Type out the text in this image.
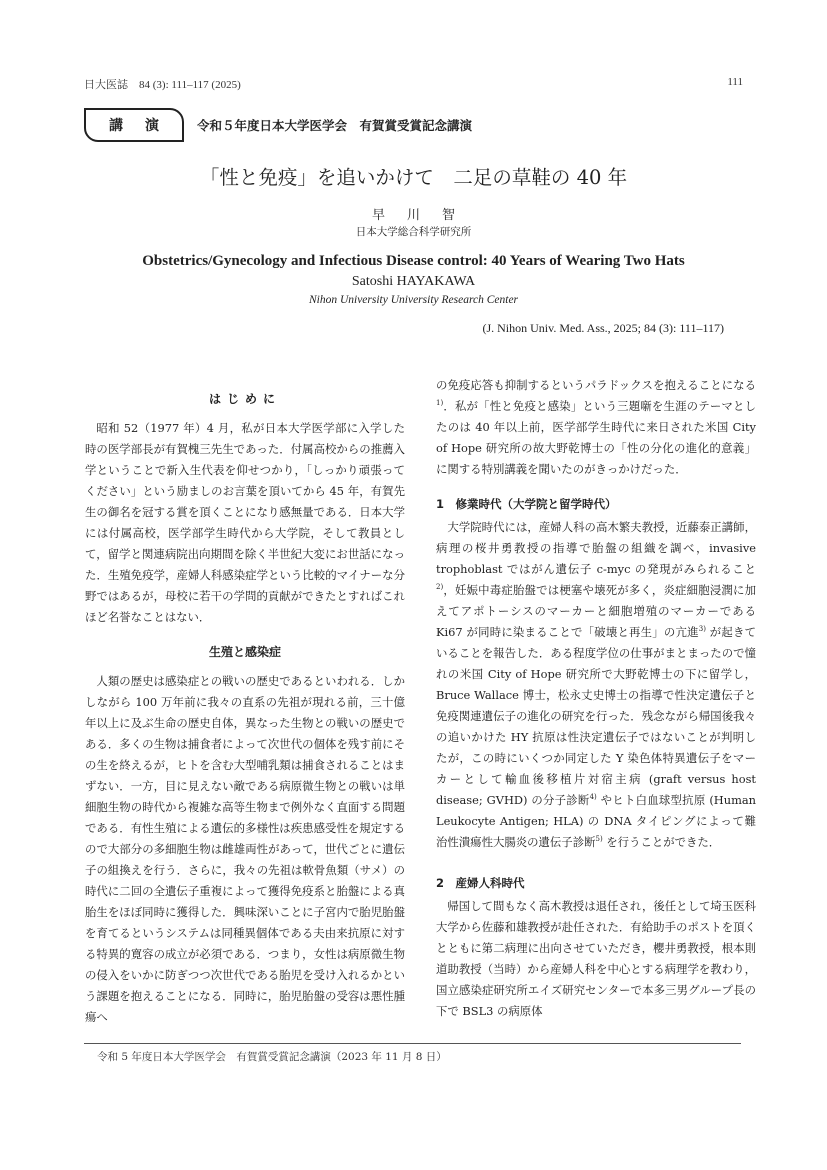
日大医誌　84 (3): 111–117 (2025)	111
講演 令和５年度日本大学医学会　有賀賞受賞記念講演
「性と免疫」を追いかけて　二足の草鞋の 40 年
早川智
日本大学総合科学研究所
Obstetrics/Gynecology and Infectious Disease control: 40 Years of Wearing Two Hats
Satoshi HAYAKAWA
Nihon University University Research Center
(J. Nihon Univ. Med. Ass., 2025; 84 (3): 111–117)
はじめに

昭和 52（1977 年）4 月，私が日本大学医学部に入学した時の医学部長が有賀槐三先生であった．付属高校からの推薦入学ということで新入生代表を仰せつかり，「しっかり頑張ってください」という励ましのお言葉を頂いてから 45 年，有賀先生の御名を冠する賞を頂くことになり感無量である．日本大学には付属高校，医学部学生時代から大学院，そして教員として，留学と関連病院出向期間を除く半世紀大変にお世話になった．生殖免疫学，産婦人科感染症学という比較的マイナーな分野ではあるが，母校に若干の学問的貢献ができたとすればこれほど名誉なことはない．

生殖と感染症

人類の歴史は感染症との戦いの歴史であるといわれる．しかしながら 100 万年前に我々の直系の先祖が現れる前，三十億年以上に及ぶ生命の歴史自体，異なった生物との戦いの歴史である．多くの生物は捕食者によって次世代の個体を残す前にその生を終えるが，ヒトを含む大型哺乳類は捕食されることはまずない．一方，目に見えない敵である病原微生物との戦いは単細胞生物の時代から複雑な高等生物まで例外なく直面する問題である．有性生殖による遺伝的多様性は疾患感受性を規定するので大部分の多細胞生物は雌雄両性があって，世代ごとに遺伝子の組換えを行う．さらに，我々の先祖は軟骨魚類（サメ）の時代に二回の全遺伝子重複によって獲得免疫系と胎盤による真胎生をほぼ同時に獲得した．興味深いことに子宮内で胎児胎盤を育てるというシステムは同種異個体である夫由来抗原に対する特異的寛容の成立が必須である．つまり，女性は病原微生物の侵入をいかに防ぎつつ次世代である胎児を受け入れるかという課題を抱えることになる．同時に，胎児胎盤の受容は悪性腫瘍へ

の免疫応答も抑制するというパラドックスを抱えることになる$^{1)}$．私が「性と免疫と感染」という三題噺を生涯のテーマとしたのは 40 年以上前，医学部学生時代に来日された米国 City of Hope 研究所の故大野乾博士の「性の分化の進化的意義」に関する特別講義を聞いたのがきっかけだった．

1　修業時代（大学院と留学時代）

大学院時代には，産婦人科の高木繁夫教授，近藤泰正講師，病理の桜井勇教授の指導で胎盤の組織を調べ，invasive trophoblast ではがん遺伝子 c-myc の発現がみられること$^{2)}$，妊娠中毒症胎盤では梗塞や壊死が多く，炎症細胞浸潤に加えてアポトーシスのマーカーと細胞増殖のマーカーである Ki67 が同時に染まることで「破壊と再生」の亢進$^{3)}$ が起きていることを報告した．ある程度学位の仕事がまとまったので憧れの米国 City of Hope 研究所で大野乾博士の下に留学し，Bruce Wallace 博士，松永丈史博士の指導で性決定遺伝子と免疫関連遺伝子の進化の研究を行った．残念ながら帰国後我々の追いかけた HY 抗原は性決定遺伝子ではないことが判明したが，この時にいくつか同定した Y 染色体特異遺伝子をマーカーとして輸血後移植片対宿主病 (graft versus host disease; GVHD) の分子診断$^{4)}$ やヒト白血球型抗原 (Human Leukocyte Antigen; HLA) の DNA タイピングによって難治性潰瘍性大腸炎の遺伝子診断$^{5)}$ を行うことができた．

2　産婦人科時代

帰国して間もなく高木教授は退任され，後任として埼玉医科大学から佐藤和雄教授が赴任された．有給助手のポストを頂くとともに第二病理に出向させていただき，櫻井勇教授，根本則道助教授（当時）から産婦人科を中心とする病理学を教わり，国立感染症研究所エイズ研究センターで本多三男グループ長の下で BSL3 の病原体

令和 5 年度日本大学医学会　有賀賞受賞記念講演（2023 年 11 月 8 日）
